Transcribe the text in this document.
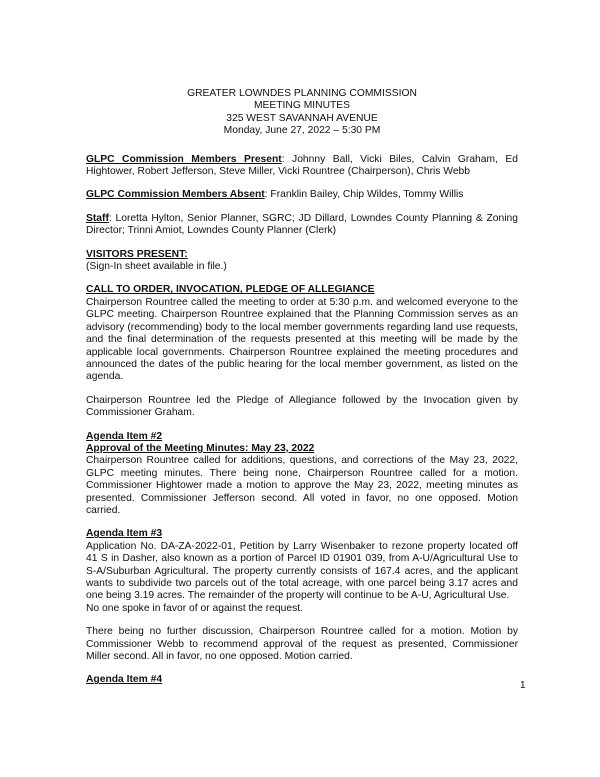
GREATER LOWNDES PLANNING COMMISSION
MEETING MINUTES
325 WEST SAVANNAH AVENUE
Monday, June 27, 2022 – 5:30 PM

GLPC Commission Members Present: Johnny Ball, Vicki Biles, Calvin Graham, Ed Hightower, Robert Jefferson, Steve Miller, Vicki Rountree (Chairperson), Chris Webb

GLPC Commission Members Absent: Franklin Bailey, Chip Wildes, Tommy Willis

Staff: Loretta Hylton, Senior Planner, SGRC; JD Dillard, Lowndes County Planning & Zoning Director; Trinni Amiot, Lowndes County Planner (Clerk)

VISITORS PRESENT:

(Sign-In sheet available in file.)

CALL TO ORDER, INVOCATION, PLEDGE OF ALLEGIANCE

Chairperson Rountree called the meeting to order at 5:30 p.m. and welcomed everyone to the GLPC meeting. Chairperson Rountree explained that the Planning Commission serves as an advisory (recommending) body to the local member governments regarding land use requests, and the final determination of the requests presented at this meeting will be made by the applicable local governments. Chairperson Rountree explained the meeting procedures and announced the dates of the public hearing for the local member government, as listed on the agenda.

Chairperson Rountree led the Pledge of Allegiance followed by the Invocation given by Commissioner Graham.

Agenda Item #2
Approval of the Meeting Minutes: May 23, 2022

Chairperson Rountree called for additions, questions, and corrections of the May 23, 2022, GLPC meeting minutes. There being none, Chairperson Rountree called for a motion. Commissioner Hightower made a motion to approve the May 23, 2022, meeting minutes as presented. Commissioner Jefferson second. All voted in favor, no one opposed. Motion carried.

Agenda Item #3

Application No. DA-ZA-2022-01, Petition by Larry Wisenbaker to rezone property located off 41 S in Dasher, also known as a portion of Parcel ID 01901 039, from A-U/Agricultural Use to S-A/Suburban Agricultural. The property currently consists of 167.4 acres, and the applicant wants to subdivide two parcels out of the total acreage, with one parcel being 3.17 acres and one being 3.19 acres. The remainder of the property will continue to be A-U, Agricultural Use.

No one spoke in favor of or against the request.

There being no further discussion, Chairperson Rountree called for a motion. Motion by Commissioner Webb to recommend approval of the request as presented, Commissioner Miller second. All in favor, no one opposed. Motion carried.

Agenda Item #4
1
